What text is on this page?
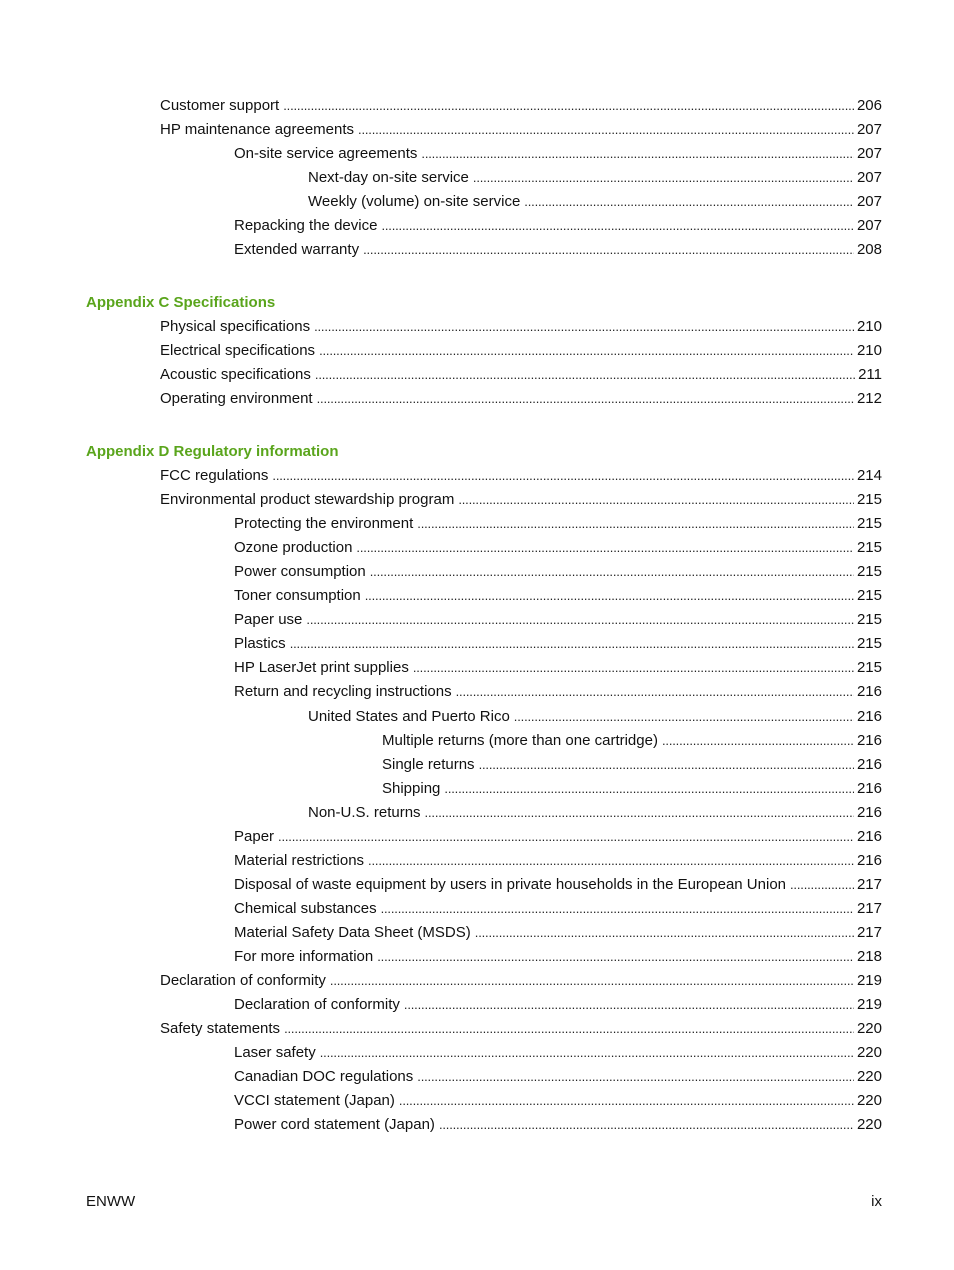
Customer support . . .	206
HP maintenance agreements . . .	207
On-site service agreements . . .	207
Next-day on-site service . . .	207
Weekly (volume) on-site service . . .	207
Repacking the device . . .	207
Extended warranty . . .	208
Appendix C Specifications
Physical specifications . . .	210
Electrical specifications . . .	210
Acoustic specifications . . .	211
Operating environment . . .	212
Appendix D Regulatory information
FCC regulations . . .	214
Environmental product stewardship program . . .	215
Protecting the environment . . .	215
Ozone production . . .	215
Power consumption . . .	215
Toner consumption . . .	215
Paper use . . .	215
Plastics . . .	215
HP LaserJet print supplies . . .	215
Return and recycling instructions . . .	216
United States and Puerto Rico . . .	216
Multiple returns (more than one cartridge) . . .	216
Single returns . . .	216
Shipping . . .	216
Non-U.S. returns . . .	216
Paper . . .	216
Material restrictions . . .	216
Disposal of waste equipment by users in private households in the European Union . . .	217
Chemical substances . . .	217
Material Safety Data Sheet (MSDS) . . .	217
For more information . . .	218
Declaration of conformity . . .	219
Declaration of conformity . . .	219
Safety statements . . .	220
Laser safety . . .	220
Canadian DOC regulations . . .	220
VCCI statement (Japan) . . .	220
Power cord statement (Japan) . . .	220
ENWW	ix
